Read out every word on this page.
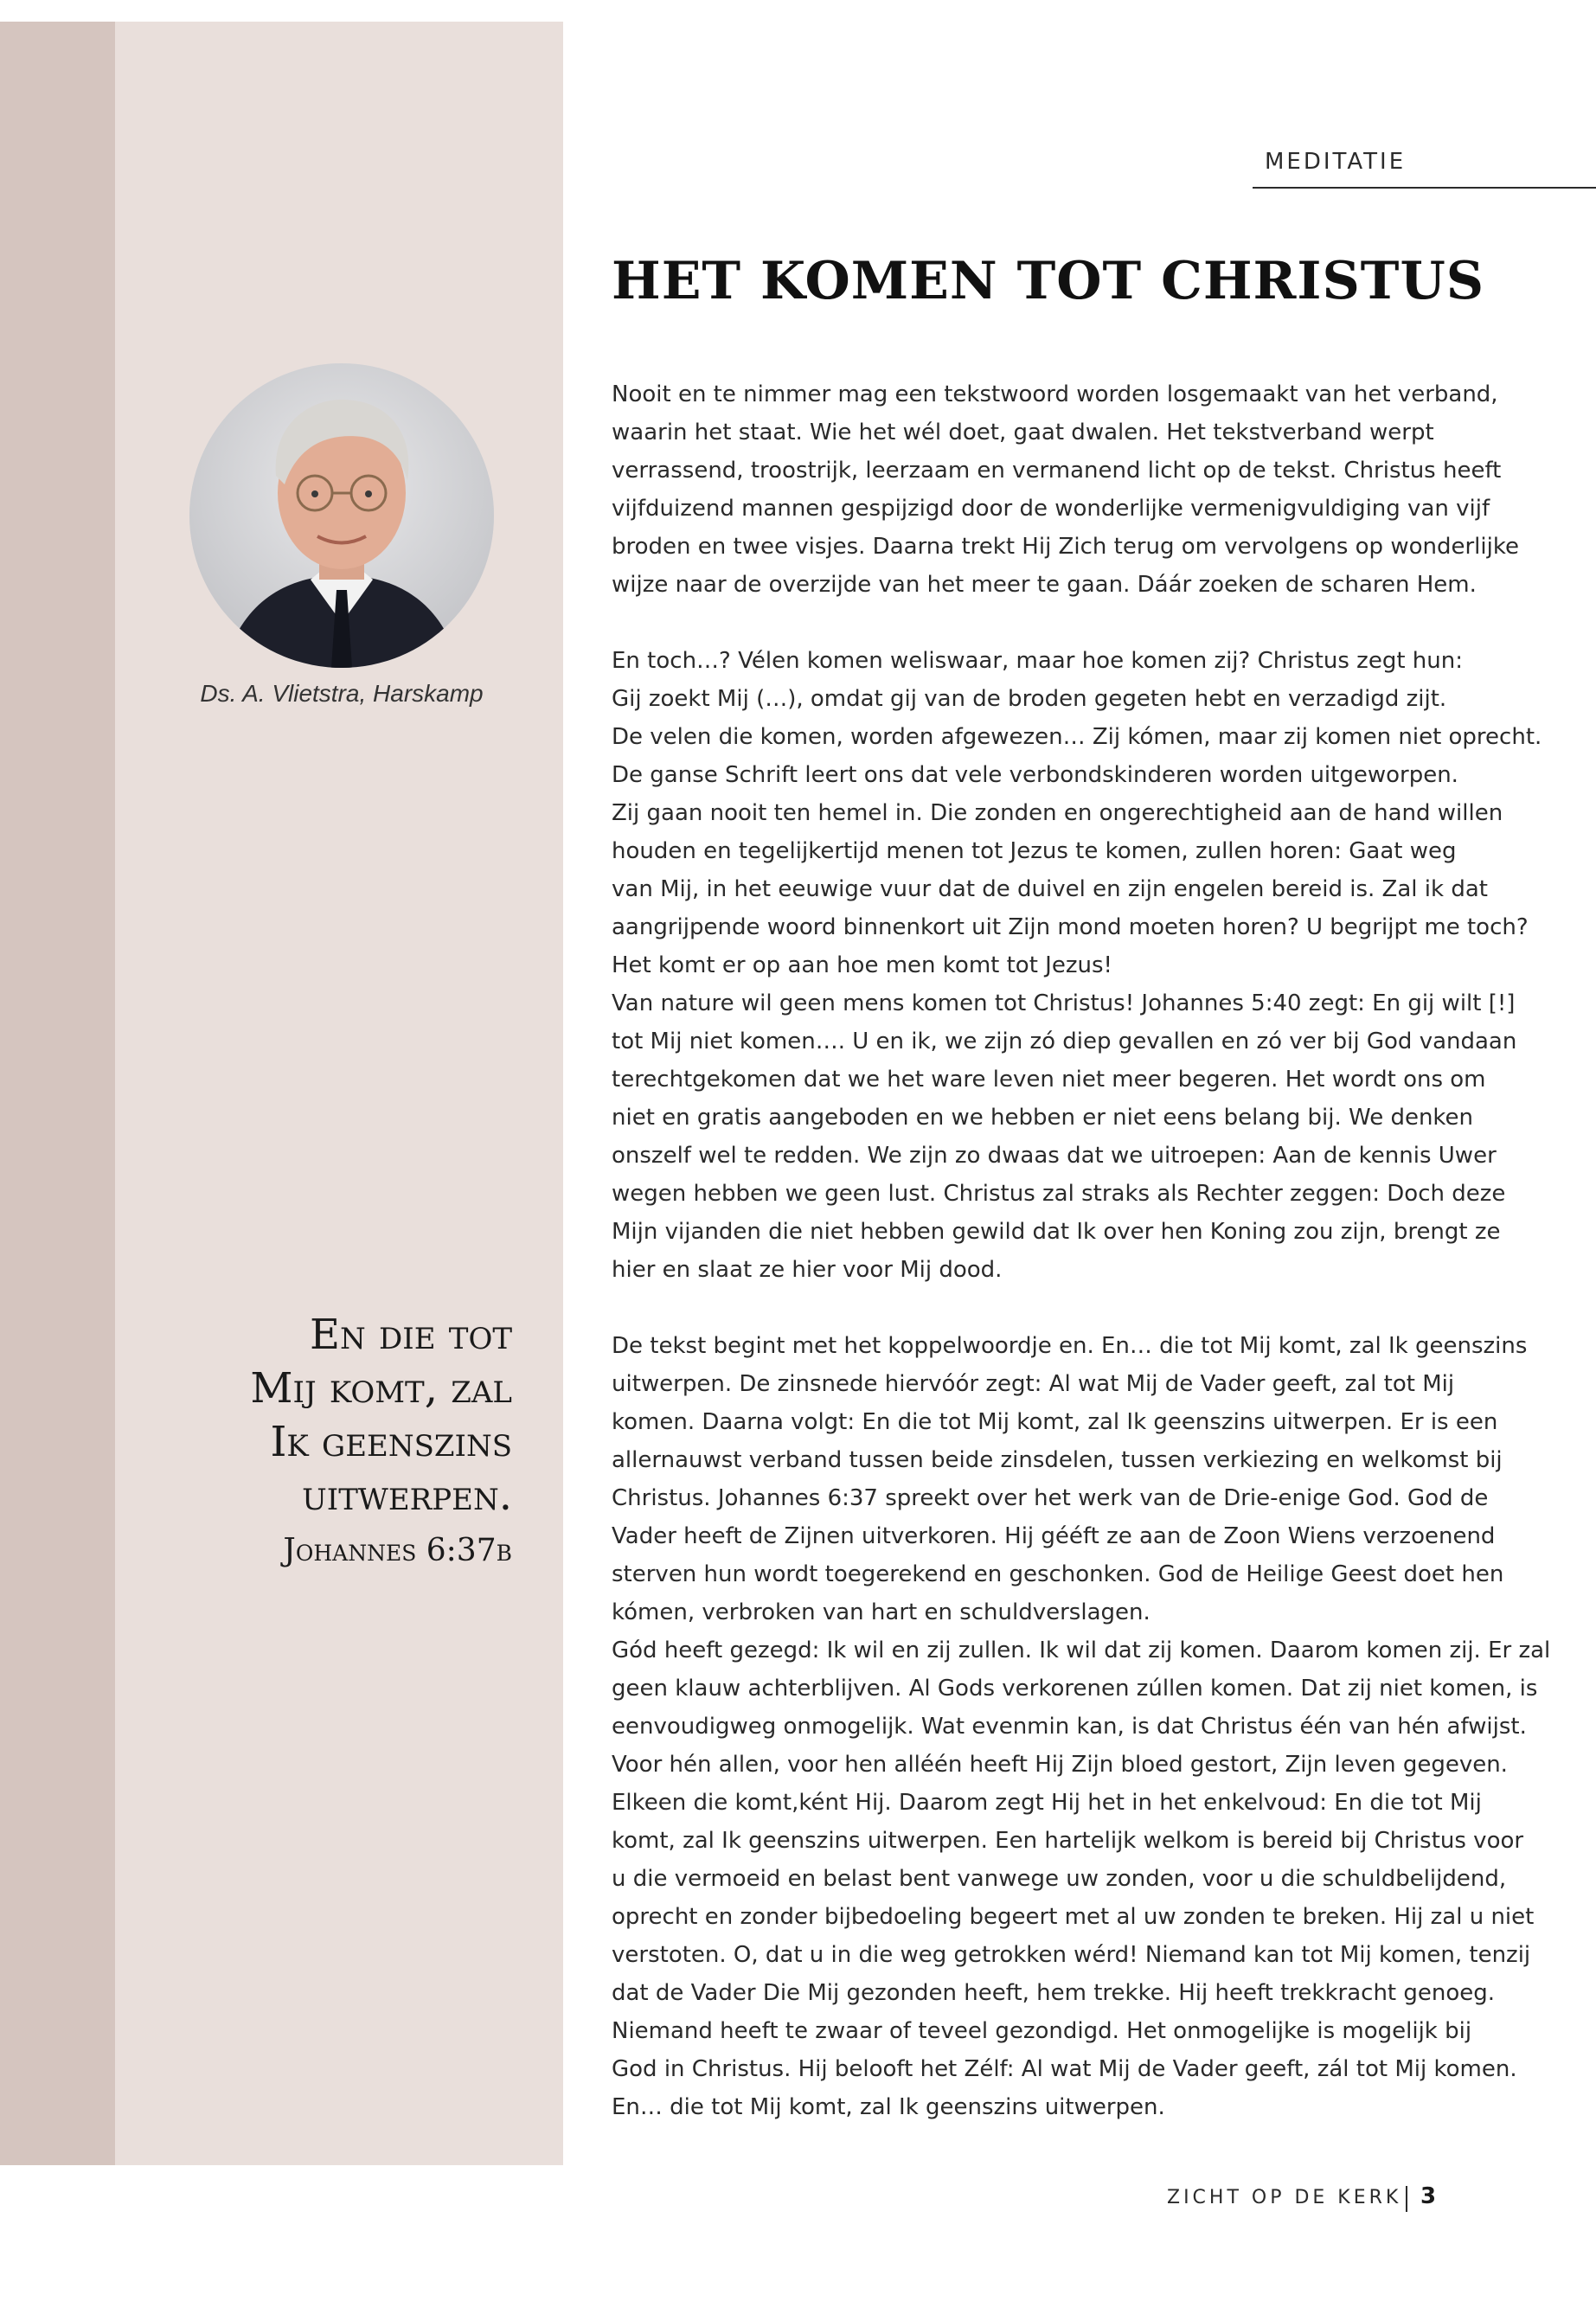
MEDITATIE
HET KOMEN TOT CHRISTUS
Ds. A. Vlietstra, Harskamp
En die tot
Mij komt, zal
Ik geenszins
uitwerpen.
Johannes 6:37b
Nooit en te nimmer mag een tekstwoord worden losgemaakt van het verband,
waarin het staat. Wie het wél doet, gaat dwalen. Het tekstverband werpt
verrassend, troostrijk, leerzaam en vermanend licht op de tekst. Christus heeft
vijfduizend mannen gespijzigd door de wonderlijke vermenigvuldiging van vijf
broden en twee visjes. Daarna trekt Hij Zich terug om vervolgens op wonderlijke
wijze naar de overzijde van het meer te gaan. Dáár zoeken de scharen Hem.
En toch…? Vélen komen weliswaar, maar hoe komen zij? Christus zegt hun:
Gij zoekt Mij (…), omdat gij van de broden gegeten hebt en verzadigd zijt.
De velen die komen, worden afgewezen… Zij kómen, maar zij komen niet oprecht.
De ganse Schrift leert ons dat vele verbondskinderen worden uitgeworpen.
Zij gaan nooit ten hemel in. Die zonden en ongerechtigheid aan de hand willen
houden en tegelijkertijd menen tot Jezus te komen, zullen horen: Gaat weg
van Mij, in het eeuwige vuur dat de duivel en zijn engelen bereid is. Zal ik dat
aangrijpende woord binnenkort uit Zijn mond moeten horen? U begrijpt me toch?
Het komt er op aan hoe men komt tot Jezus!
Van nature wil geen mens komen tot Christus! Johannes 5:40 zegt: En gij wilt [!]
tot Mij niet komen…. U en ik, we zijn zó diep gevallen en zó ver bij God vandaan
terechtgekomen dat we het ware leven niet meer begeren. Het wordt ons om
niet en gratis aangeboden en we hebben er niet eens belang bij. We denken
onszelf wel te redden. We zijn zo dwaas dat we uitroepen: Aan de kennis Uwer
wegen hebben we geen lust. Christus zal straks als Rechter zeggen: Doch deze
Mijn vijanden die niet hebben gewild dat Ik over hen Koning zou zijn, brengt ze
hier en slaat ze hier voor Mij dood.
De tekst begint met het koppelwoordje en. En… die tot Mij komt, zal Ik geenszins
uitwerpen. De zinsnede hiervóór zegt: Al wat Mij de Vader geeft, zal tot Mij
komen. Daarna volgt: En die tot Mij komt, zal Ik geenszins uitwerpen. Er is een
allernauwst verband tussen beide zinsdelen, tussen verkiezing en welkomst bij
Christus. Johannes 6:37 spreekt over het werk van de Drie-enige God. God de
Vader heeft de Zijnen uitverkoren. Hij gééft ze aan de Zoon Wiens verzoenend
sterven hun wordt toegerekend en geschonken. God de Heilige Geest doet hen
kómen, verbroken van hart en schuldverslagen.
Gód heeft gezegd: Ik wil en zij zullen. Ik wil dat zij komen. Daarom komen zij. Er zal
geen klauw achterblijven. Al Gods verkorenen zúllen komen. Dat zij niet komen, is
eenvoudigweg onmogelijk. Wat evenmin kan, is dat Christus één van hén afwijst.
Voor hén allen, voor hen alléén heeft Hij Zijn bloed gestort, Zijn leven gegeven.
Elkeen die komt,ként Hij. Daarom zegt Hij het in het enkelvoud: En die tot Mij
komt, zal Ik geenszins uitwerpen. Een hartelijk welkom is bereid bij Christus voor
u die vermoeid en belast bent vanwege uw zonden, voor u die schuldbelijdend,
oprecht en zonder bijbedoeling begeert met al uw zonden te breken. Hij zal u niet
verstoten. O, dat u in die weg getrokken wérd! Niemand kan tot Mij komen, tenzij
dat de Vader Die Mij gezonden heeft, hem trekke. Hij heeft trekkracht genoeg.
Niemand heeft te zwaar of teveel gezondigd. Het onmogelijke is mogelijk bij
God in Christus. Hij belooft het Zélf: Al wat Mij de Vader geeft, zál tot Mij komen.
En… die tot Mij komt, zal Ik geenszins uitwerpen.
ZICHT OP DE KERK 3
